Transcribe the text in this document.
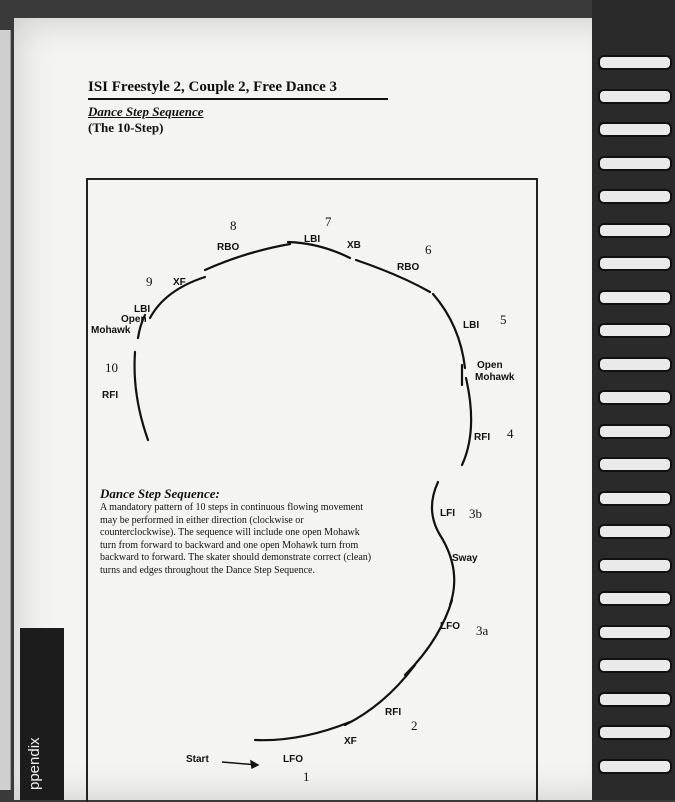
ISI Freestyle 2, Couple 2, Free Dance 3
Dance Step Sequence
(The 10-Step)
8
RBO
7
LBI
XB	6
RBO
9 XF
LBI
Open
Mohawk	LBI 5
Open
Mohawk
10
RFI
RFI 4
LFI 3b
Sway
LFO 3a
RFI
2
XF
Start	LFO
1
Dance Step Sequence:
A mandatory pattern of 10 steps in continuous flowing movement may be performed in either direction (clockwise or counterclockwise). The sequence will include one open Mohawk turn from forward to backward and one open Mohawk turn from backward to forward. The skater should demonstrate correct (clean) turns and edges throughout the Dance Step Sequence.
ppendix
